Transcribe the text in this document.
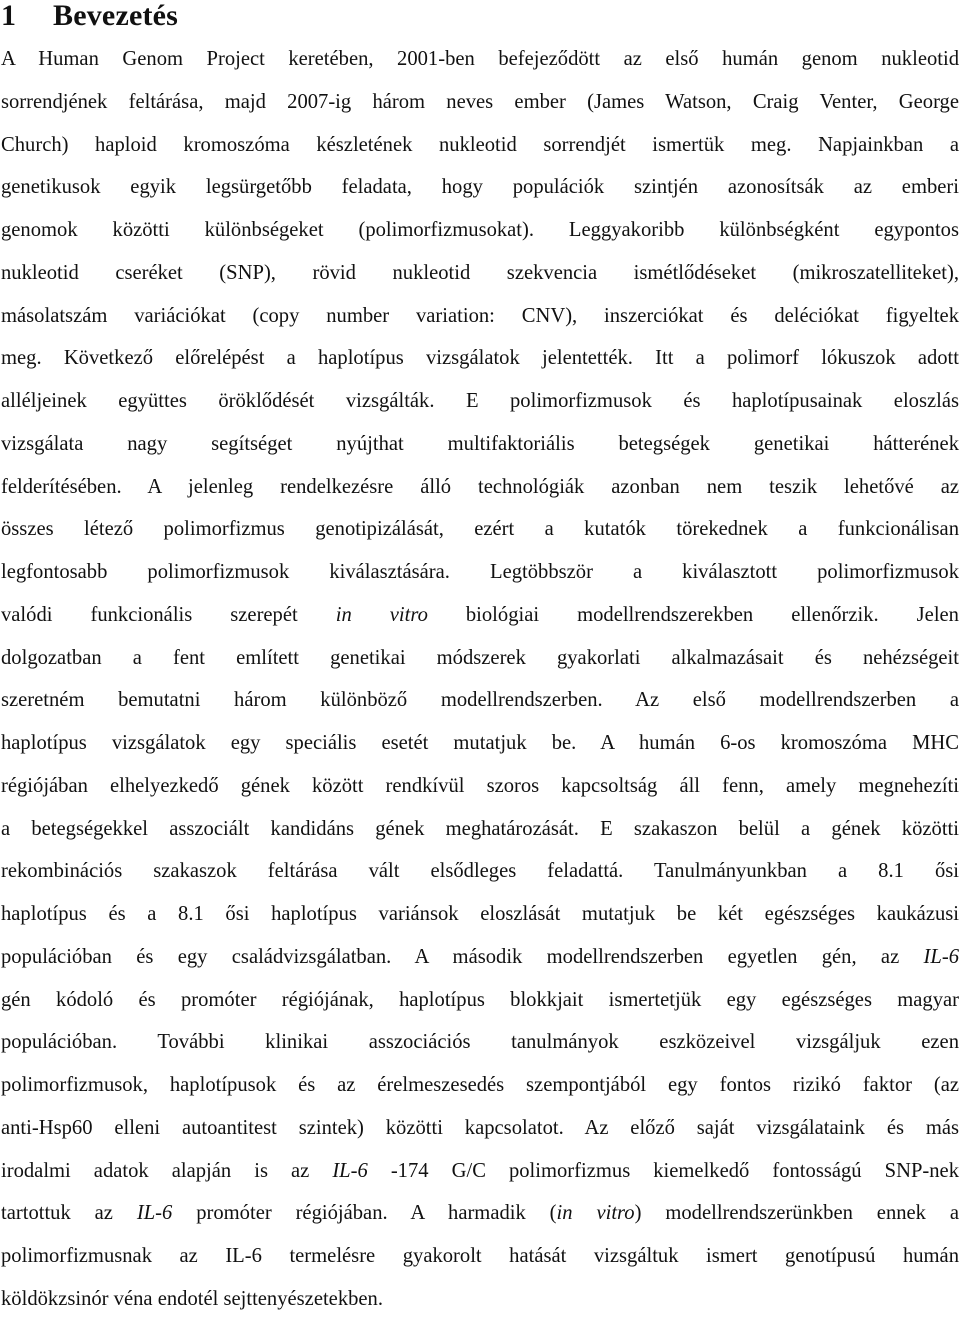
1	Bevezetés

A Human Genom Project keretében, 2001-ben befejeződött az első humán genom nukleotid
sorrendjének feltárása, majd 2007-ig három neves ember (James Watson, Craig Venter, George
Church) haploid kromoszóma készletének nukleotid sorrendjét ismertük meg. Napjainkban a
genetikusok egyik legsürgetőbb feladata, hogy populációk szintjén azonosítsák az emberi
genomok közötti különbségeket (polimorfizmusokat). Leggyakoribb különbségként egypontos
nukleotid cseréket (SNP), rövid nukleotid szekvencia ismétlődéseket (mikroszatelliteket),
másolatszám variációkat (copy number variation: CNV), inszerciókat és deléciókat figyeltek
meg. Következő előrelépést a haplotípus vizsgálatok jelentették. Itt a polimorf lókuszok adott
alléljeinek együttes öröklődését vizsgálták. E polimorfizmusok és haplotípusainak eloszlás
vizsgálata nagy segítséget nyújthat multifaktoriális betegségek genetikai hátterének
felderítésében. A jelenleg rendelkezésre álló technológiák azonban nem teszik lehetővé az
összes létező polimorfizmus genotipizálását, ezért a kutatók törekednek a funkcionálisan
legfontosabb polimorfizmusok kiválasztására. Legtöbbször a kiválasztott polimorfizmusok
valódi funkcionális szerepét in vitro biológiai modellrendszerekben ellenőrzik. Jelen
dolgozatban a fent említett genetikai módszerek gyakorlati alkalmazásait és nehézségeit
szeretném bemutatni három különböző modellrendszerben. Az első modellrendszerben a
haplotípus vizsgálatok egy speciális esetét mutatjuk be. A humán 6-os kromoszóma MHC
régiójában elhelyezkedő gének között rendkívül szoros kapcsoltság áll fenn, amely megnehezíti
a betegségekkel asszociált kandidáns gének meghatározását. E szakaszon belül a gének közötti
rekombinációs szakaszok feltárása vált elsődleges feladattá. Tanulmányunkban a 8.1 ősi
haplotípus és a 8.1 ősi haplotípus variánsok eloszlását mutatjuk be két egészséges kaukázusi
populációban és egy családvizsgálatban. A második modellrendszerben egyetlen gén, az IL-6
gén kódoló és promóter régiójának, haplotípus blokkjait ismertetjük egy egészséges magyar
populációban. További klinikai asszociációs tanulmányok eszközeivel vizsgáljuk ezen
polimorfizmusok, haplotípusok és az érelmeszesedés szempontjából egy fontos rizikó faktor (az
anti-Hsp60 elleni autoantitest szintek) közötti kapcsolatot. Az előző saját vizsgálataink és más
irodalmi adatok alapján is az IL-6 -174 G/C polimorfizmus kiemelkedő fontosságú SNP-nek
tartottuk az IL-6 promóter régiójában. A harmadik (in vitro) modellrendszerünkben ennek a
polimorfizmusnak az IL-6 termelésre gyakorolt hatását vizsgáltuk ismert genotípusú humán
köldökzsinór véna endotél sejttenyészetekben.
